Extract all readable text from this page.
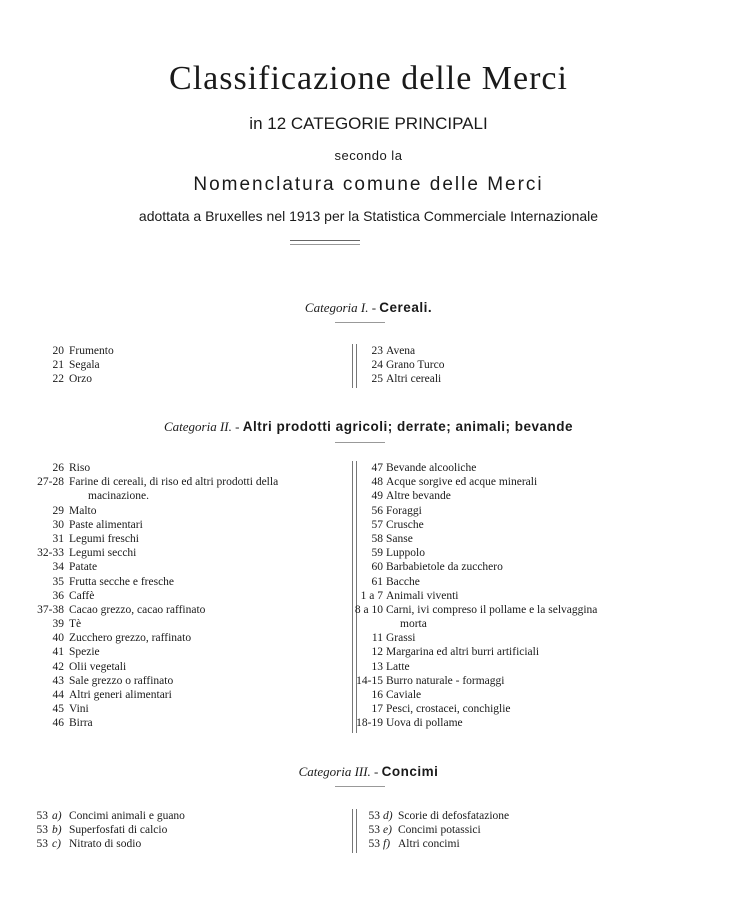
Classificazione delle Merci
in 12 CATEGORIE PRINCIPALI
secondo la
Nomenclatura comune delle Merci
adottata a Bruxelles nel 1913 per la Statistica Commerciale Internazionale
Categoria I. - Cereali.
20 Frumento
21 Segala
22 Orzo
23 Avena
24 Grano Turco
25 Altri cereali
Categoria II. - Altri prodotti agricoli; derrate; animali; bevande
26 Riso
27-28 Farine di cereali, di riso ed altri prodotti della
macinazione.
29 Malto
30 Paste alimentari
31 Legumi freschi
32-33 Legumi secchi
34 Patate
35 Frutta secche e fresche
36 Caffè
37-38 Cacao grezzo, cacao raffinato
39 Tè
40 Zucchero grezzo, raffinato
41 Spezie
42 Olii vegetali
43 Sale grezzo o raffinato
44 Altri generi alimentari
45 Vini
46 Birra
47 Bevande alcooliche
48 Acque sorgive ed acque minerali
49 Altre bevande
56 Foraggi
57 Crusche
58 Sanse
59 Luppolo
60 Barbabietole da zucchero
61 Bacche
1 a 7 Animali viventi
8 a 10 Carni, ivi compreso il pollame e la selvaggina
morta
11 Grassi
12 Margarina ed altri burri artificiali
13 Latte
14-15 Burro naturale - formaggi
16 Caviale
17 Pesci, crostacei, conchiglie
18-19 Uova di pollame
Categoria III. - Concimi
53 a) Concimi animali e guano
53 b) Superfosfati di calcio
53 c) Nitrato di sodio
53 d) Scorie di defosfatazione
53 e) Concimi potassici
53 f) Altri concimi
